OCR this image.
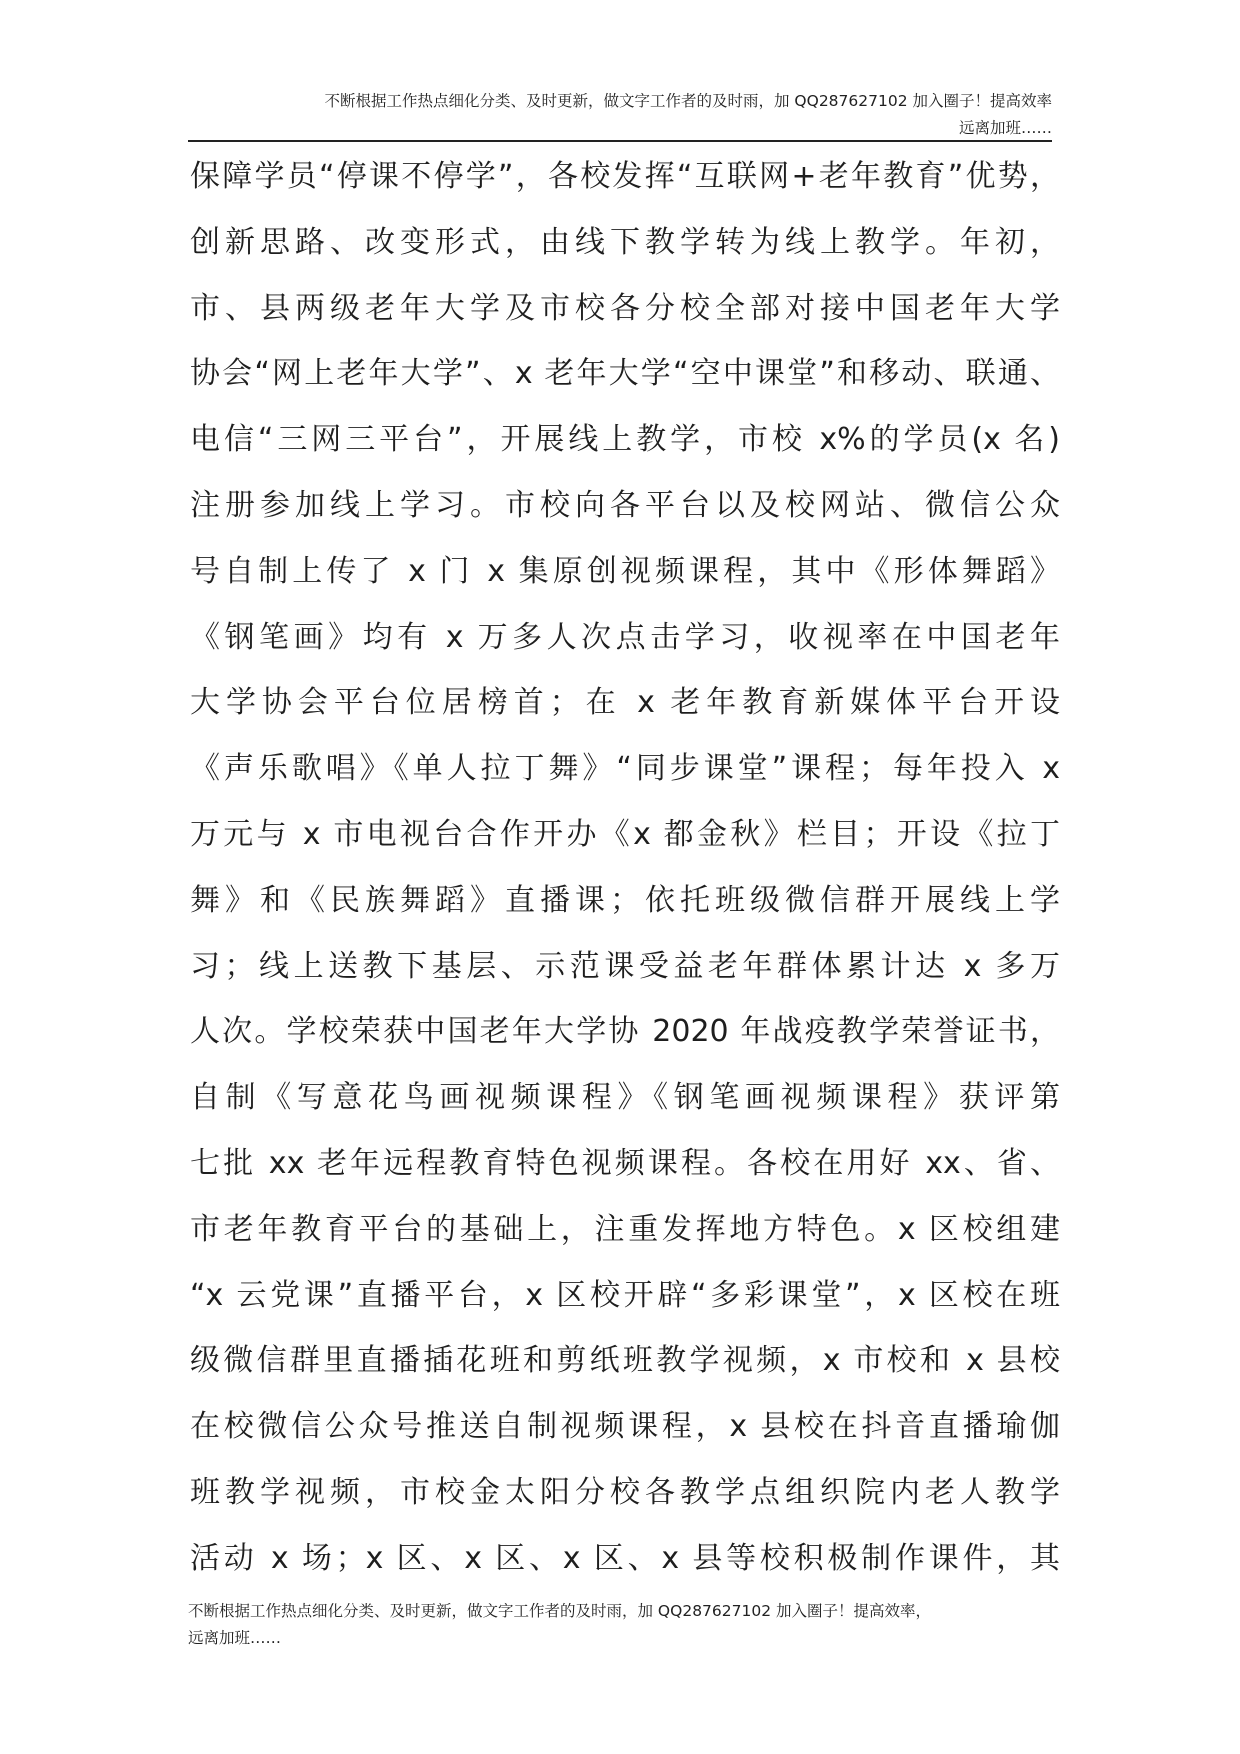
不断根据工作热点细化分类、及时更新，做文字工作者的及时雨，加 QQ287627102 加入圈子！提高效率
远离加班……
保障学员“停课不停学”，各校发挥“互联网+老年教育”优势，
创新思路、改变形式，由线下教学转为线上教学。年初，
市、县两级老年大学及市校各分校全部对接中国老年大学
协会“网上老年大学”、x 老年大学“空中课堂”和移动、联通、
电信“三网三平台”，开展线上教学，市校 x%的学员(x 名)
注册参加线上学习。市校向各平台以及校网站、微信公众
号自制上传了 x 门 x 集原创视频课程，其中《形体舞蹈》
《钢笔画》均有 x 万多人次点击学习，收视率在中国老年
大学协会平台位居榜首；在 x 老年教育新媒体平台开设
《声乐歌唱》《单人拉丁舞》“同步课堂”课程；每年投入 x
万元与 x 市电视台合作开办《x 都金秋》栏目；开设《拉丁
舞》和《民族舞蹈》直播课；依托班级微信群开展线上学
习；线上送教下基层、示范课受益老年群体累计达 x 多万
人次。学校荣获中国老年大学协 2020 年战疫教学荣誉证书，
自制《写意花鸟画视频课程》《钢笔画视频课程》获评第
七批 xx 老年远程教育特色视频课程。各校在用好 xx、省、
市老年教育平台的基础上，注重发挥地方特色。x 区校组建
“x 云党课”直播平台，x 区校开辟“多彩课堂”，x 区校在班
级微信群里直播插花班和剪纸班教学视频，x 市校和 x 县校
在校微信公众号推送自制视频课程，x 县校在抖音直播瑜伽
班教学视频，市校金太阳分校各教学点组织院内老人教学
活动 x 场；x 区、x 区、x 区、x 县等校积极制作课件，其
不断根据工作热点细化分类、及时更新，做文字工作者的及时雨，加 QQ287627102 加入圈子！提高效率，
远离加班……
